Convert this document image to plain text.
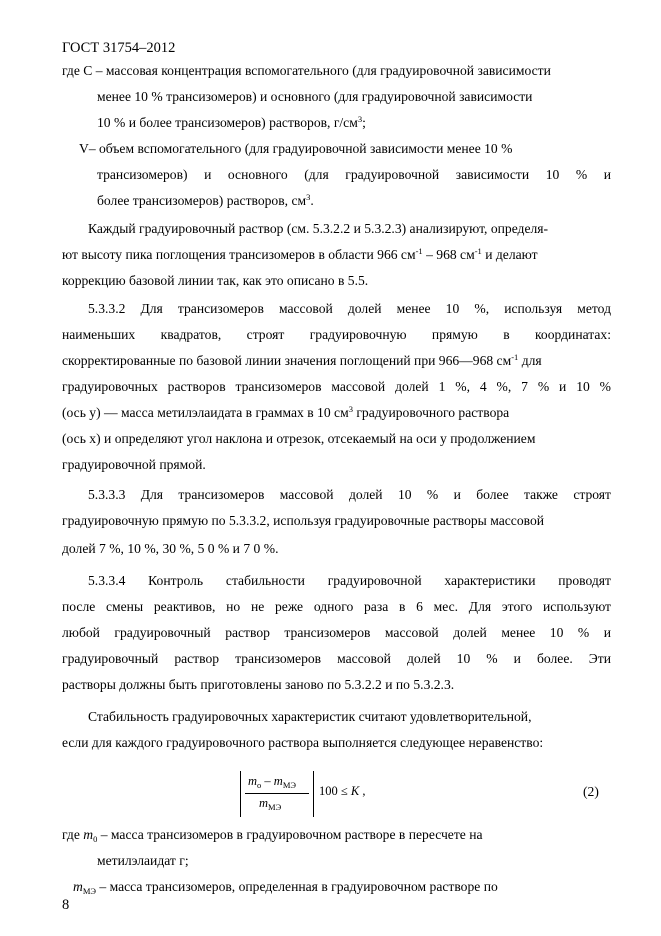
ГОСТ 31754–2012
где C – массовая концентрация вспомогательного (для градуировочной зависимости
менее 10 % трансизомеров) и основного (для градуировочной зависимости
10 % и более трансизомеров) растворов, $г/см^3$;
V– объем вспомогательного (для градуировочной зависимости менее 10 %
трансизомеров) и основного (для градуировочной зависимости 10 % и
более трансизомеров) растворов, $см^3$.
Каждый градуировочный раствор (см. 5.3.2.2 и 5.3.2.3) анализируют, определя-
ют высоту пика поглощения трансизомеров в области 966 $см^{-1} - 968$ $см^{-1}$ и делают
коррекцию базовой линии так, как это описано в 5.5.
5.3.3.2 Для трансизомеров массовой долей менее 10 %, используя метод
наименьших квадратов, строят градуировочную прямую в координатах:
скорректированные по базовой линии значения поглощений при 966—968 $см^{-1}$ для
градуировочных растворов трансизомеров массовой долей 1 %, 4 %, 7 % и 10 %
(ось y) — масса метилэлаидата в граммах в 10 $см^3$ градуировочного раствора
(ось x) и определяют угол наклона и отрезок, отсекаемый на оси y продолжением
градуировочной прямой.
5.3.3.3 Для трансизомеров массовой долей 10 % и более также строят
градуировочную прямую по 5.3.3.2, используя градуировочные растворы массовой
долей 7 %, 10 %, 30 %, 5 0 % и 7 0 %.
5.3.3.4 Контроль стабильности градуировочной характеристики проводят
после смены реактивов, но не реже одного раза в 6 мес. Для этого используют
любой градуировочный раствор трансизомеров массовой долей менее 10 % и
градуировочный раствор трансизомеров массовой долей 10 % и более. Эти
растворы должны быть приготовлены заново по 5.3.2.2 и по 5.3.2.3.
Стабильность градуировочных характеристик считают удовлетворительной,
если для каждого градуировочного раствора выполняется следующее неравенство:
$m_o - m_{МЭ}$
$m_{МЭ}$
100 ≤ K ,	(2)
где $m_0$ – масса трансизомеров в градуировочном растворе в пересчете на
метилэлаидат г;
$m_{МЭ}$ – масса трансизомеров, определенная в градуировочном растворе по
8
